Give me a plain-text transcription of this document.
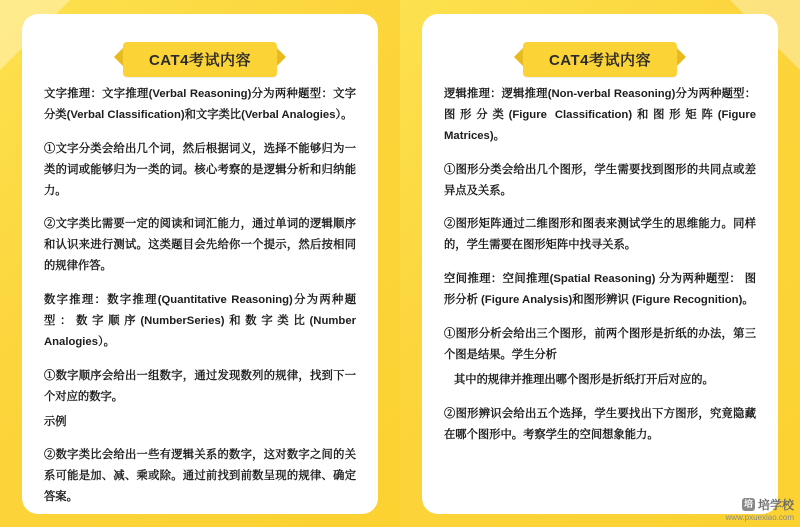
CAT4考试内容

文字推理：文字推理(Verbal Reasoning)分为两种题型：文字分类(Verbal Classification)和文字类比(Verbal Analogies）。

①文字分类会给出几个词，然后根据词义，选择不能够归为一类的词或能够归为一类的词。核心考察的是逻辑分析和归纳能力。

②文字类比需要一定的阅读和词汇能力，通过单词的逻辑顺序和认识来进行测试。这类题目会先给你一个提示，然后按相同的规律作答。

数字推理：数字推理(Quantitative Reasoning)分为两种题型：数字顺序(NumberSeries)和数字类比(Number Analogies）。

①数字顺序会给出一组数字，通过发现数列的规律，找到下一个对应的数字。

示例

②数字类比会给出一些有逻辑关系的数字，这对数字之间的关系可能是加、减、乘或除。通过前找到前数呈现的规律、确定答案。

CAT4考试内容

逻辑推理：逻辑推理(Non-verbal Reasoning)分为两种题型：图形分类(Figure Classification)和图形矩阵(Figure Matrices)。

①图形分类会给出几个图形，学生需要找到图形的共同点或差异点及关系。

②图形矩阵通过二维图形和图表来测试学生的思维能力。同样的，学生需要在图形矩阵中找寻关系。

空间推理：空间推理(Spatial Reasoning) 分为两种题型： 图形分析 (Figure Analysis)和图形辨识 (Figure Recognition)。

①图形分析会给出三个图形，前两个图形是折纸的办法，第三个图是结果。学生分析

其中的规律并推理出哪个图形是折纸打开后对应的。

②图形辨识会给出五个选择，学生要找出下方图形，究竟隐藏在哪个图形中。考察学生的空间想象能力。

培 培学校
www.pxuexiao.com
